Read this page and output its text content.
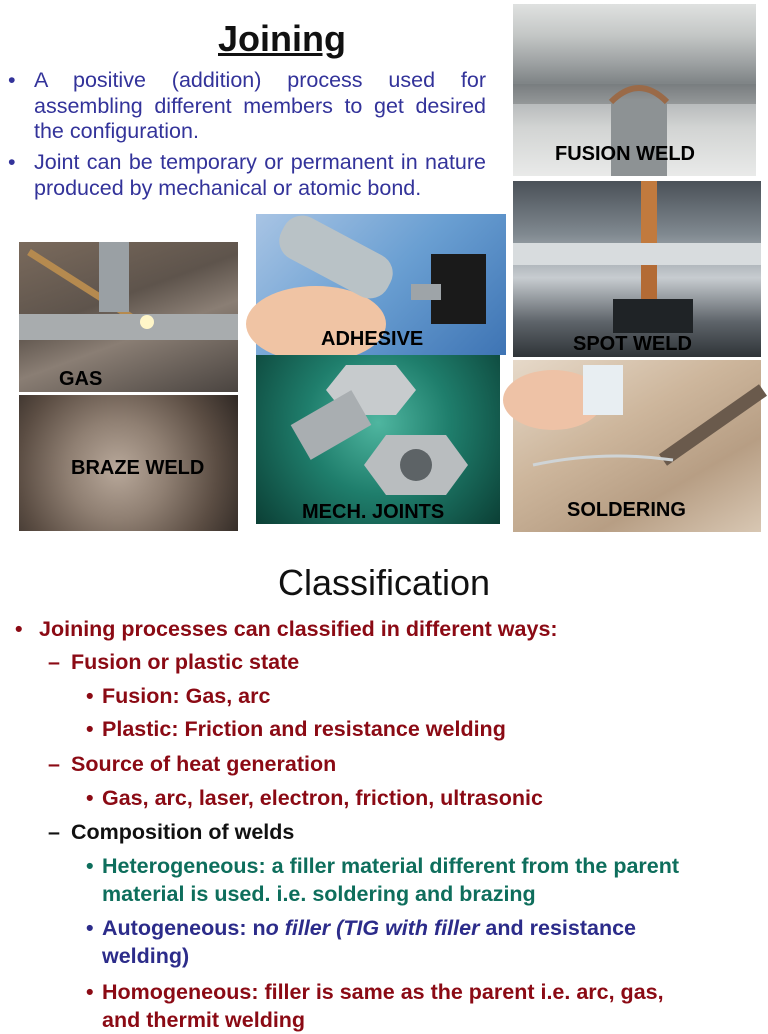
Joining
• A positive (addition) process used for assembling different members to get desired the configuration.
• Joint can be temporary or permanent in nature produced by mechanical or atomic bond.
FUSION WELD
SPOT WELD
GAS
BRAZE WELD
ADHESIVE
MECH. JOINTS	SOLDERING
Classification
• Joining processes can classified in different ways:
– Fusion or plastic state
• Fusion: Gas, arc
• Plastic: Friction and resistance welding
– Source of heat generation
• Gas, arc, laser, electron, friction, ultrasonic
– Composition of welds
• Heterogeneous: a filler material different from the parent
material is used. i.e. soldering and brazing
• Autogeneous: no filler (TIG with filler and resistance
welding)
• Homogeneous: filler is same as the parent i.e. arc, gas,
and thermit welding
